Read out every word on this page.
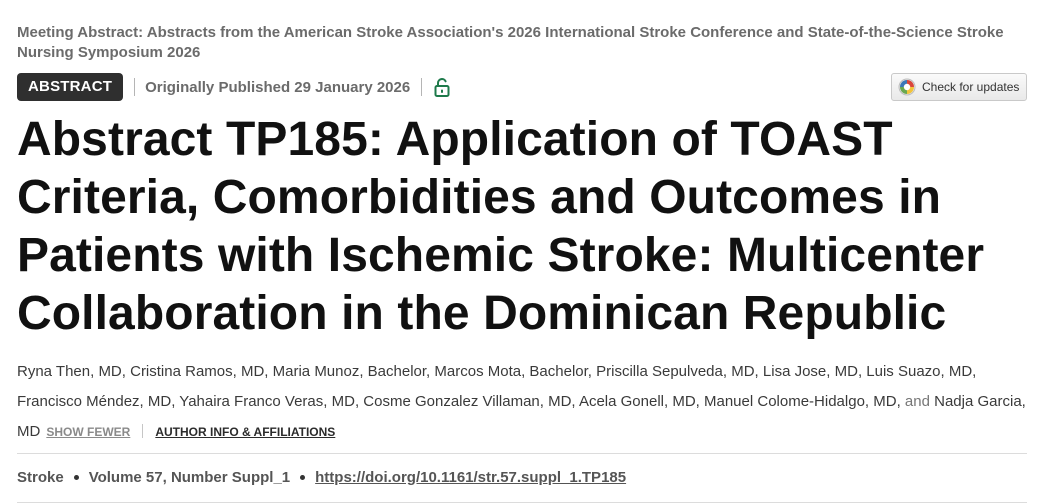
Meeting Abstract: Abstracts from the American Stroke Association's 2026 International Stroke Conference and State-of-the-Science Stroke Nursing Symposium 2026
ABSTRACT	Originally Published 29 January 2026	Check for updates
Abstract TP185: Application of TOAST Criteria, Comorbidities and Outcomes in Patients with Ischemic Stroke: Multicenter Collaboration in the Dominican Republic
Ryna Then, MD, Cristina Ramos, MD, Maria Munoz, Bachelor, Marcos Mota, Bachelor, Priscilla Sepulveda, MD, Lisa Jose, MD, Luis Suazo, MD, Francisco Méndez, MD, Yahaira Franco Veras, MD, Cosme Gonzalez Villaman, MD, Acela Gonell, MD, Manuel Colome-Hidalgo, MD, and Nadja Garcia, MD SHOW FEWER AUTHOR INFO & AFFILIATIONS
Stroke Volume 57, Number Suppl_1 https://doi.org/10.1161/str.57.suppl_1.TP185
